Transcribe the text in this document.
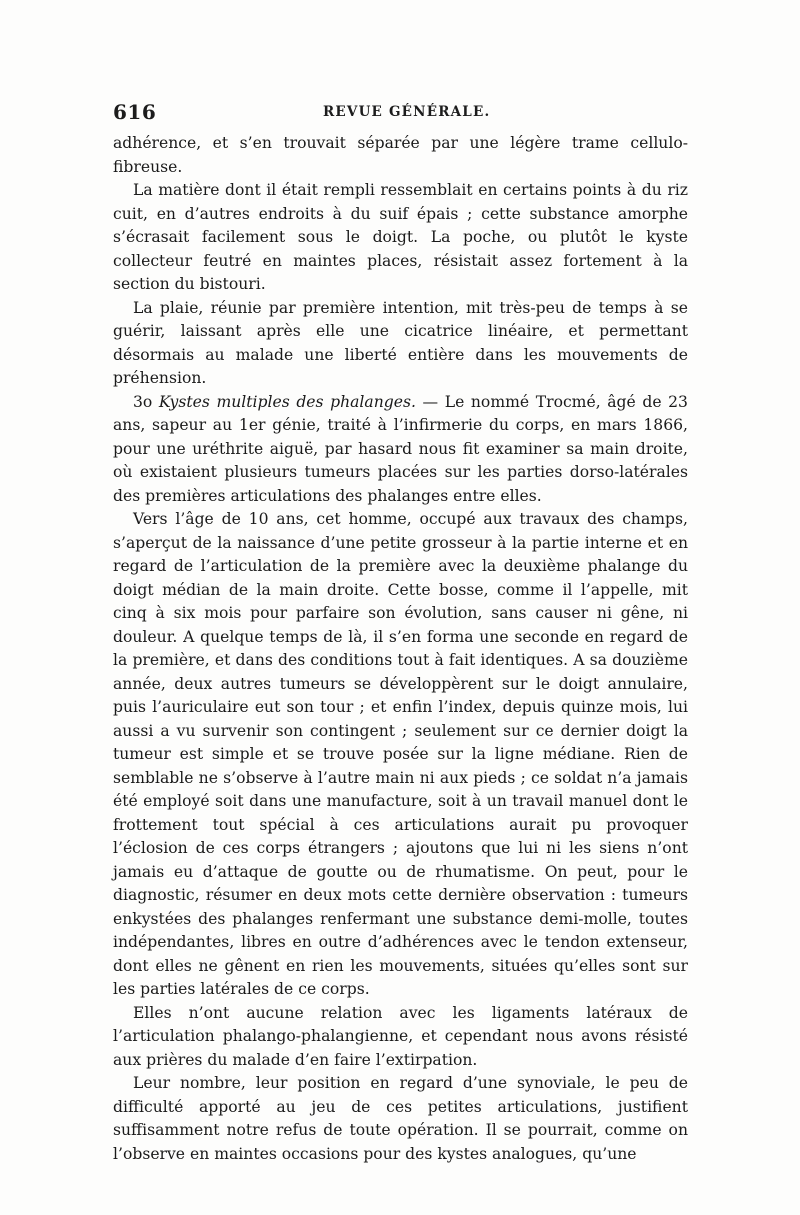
616	REVUE GÉNÉRALE.

adhérence, et s’en trouvait séparée par une légère trame cellulo-fibreuse.

La matière dont il était rempli ressemblait en certains points à du riz cuit, en d’autres endroits à du suif épais ; cette substance amorphe s’écrasait facilement sous le doigt. La poche, ou plutôt le kyste collecteur feutré en maintes places, résistait assez fortement à la section du bistouri.

La plaie, réunie par première intention, mit très-peu de temps à se guérir, laissant après elle une cicatrice linéaire, et permettant désormais au malade une liberté entière dans les mouvements de préhension.

3o Kystes multiples des phalanges. — Le nommé Trocmé, âgé de 23 ans, sapeur au 1er génie, traité à l’infirmerie du corps, en mars 1866, pour une uréthrite aiguë, par hasard nous fit examiner sa main droite, où existaient plusieurs tumeurs placées sur les parties dorso-latérales des premières articulations des phalanges entre elles.

Vers l’âge de 10 ans, cet homme, occupé aux travaux des champs, s’aperçut de la naissance d’une petite grosseur à la partie interne et en regard de l’articulation de la première avec la deuxième phalange du doigt médian de la main droite. Cette bosse, comme il l’appelle, mit cinq à six mois pour parfaire son évolution, sans causer ni gêne, ni douleur. A quelque temps de là, il s’en forma une seconde en regard de la première, et dans des conditions tout à fait identiques. A sa douzième année, deux autres tumeurs se développèrent sur le doigt annulaire, puis l’auriculaire eut son tour ; et enfin l’index, depuis quinze mois, lui aussi a vu survenir son contingent ; seulement sur ce dernier doigt la tumeur est simple et se trouve posée sur la ligne médiane. Rien de semblable ne s’observe à l’autre main ni aux pieds ; ce soldat n’a jamais été employé soit dans une manufacture, soit à un travail manuel dont le frottement tout spécial à ces articulations aurait pu provoquer l’éclosion de ces corps étrangers ; ajoutons que lui ni les siens n’ont jamais eu d’attaque de goutte ou de rhumatisme. On peut, pour le diagnostic, résumer en deux mots cette dernière observation : tumeurs enkystées des phalanges renfermant une substance demi-molle, toutes indépendantes, libres en outre d’adhérences avec le tendon extenseur, dont elles ne gênent en rien les mouvements, situées qu’elles sont sur les parties latérales de ce corps.

Elles n’ont aucune relation avec les ligaments latéraux de l’articulation phalango-phalangienne, et cependant nous avons résisté aux prières du malade d’en faire l’extirpation.

Leur nombre, leur position en regard d’une synoviale, le peu de difficulté apporté au jeu de ces petites articulations, justifient suffisamment notre refus de toute opération. Il se pourrait, comme on l’observe en maintes occasions pour des kystes analogues, qu’une
